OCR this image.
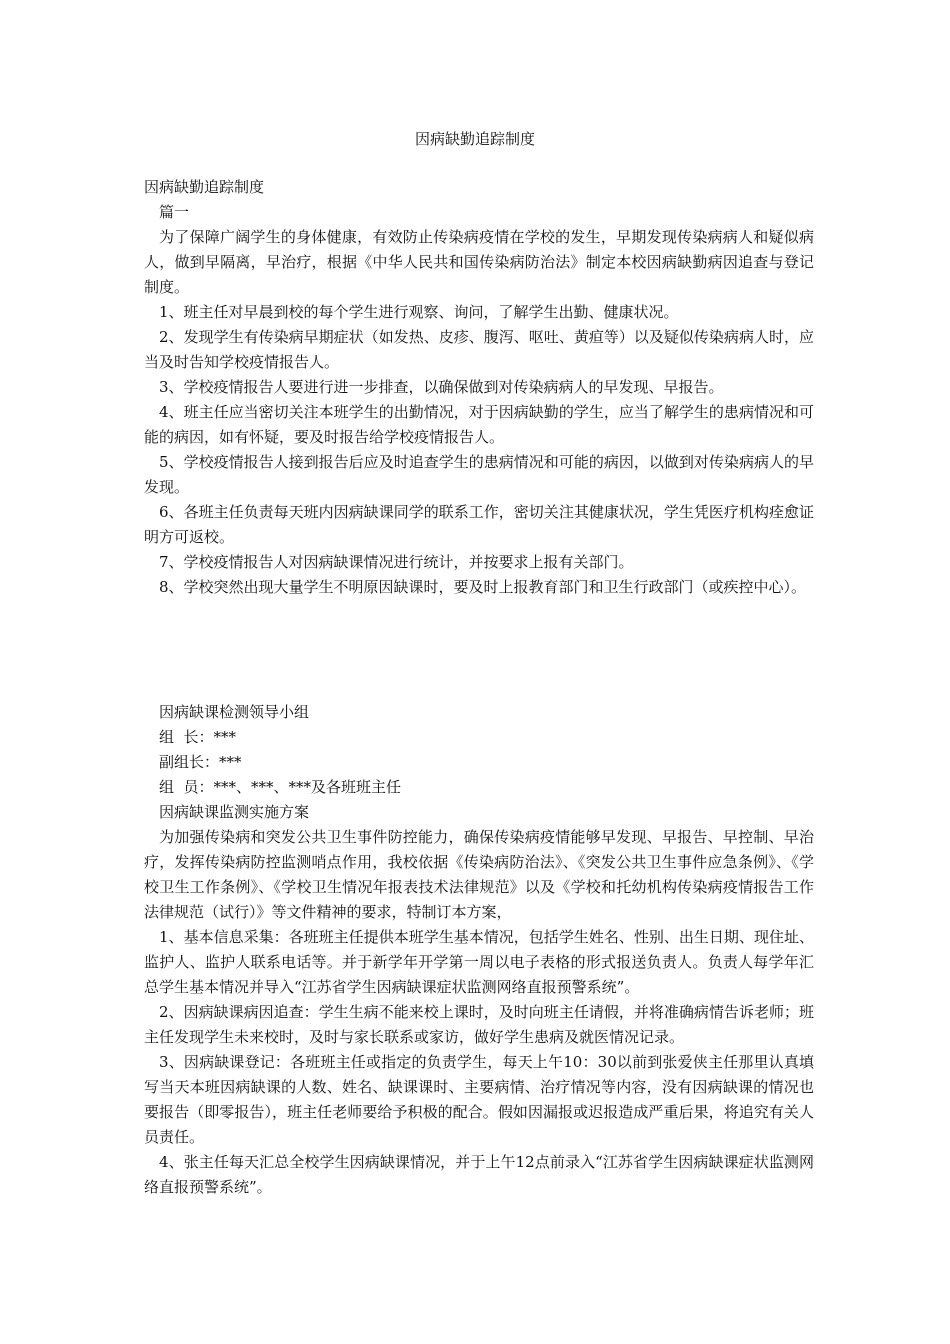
因病缺勤追踪制度

因病缺勤追踪制度

篇一

为了保障广阔学生的身体健康，有效防止传染病疫情在学校的发生，早期发现传染病病人和疑似病人，做到早隔离，早治疗，根据《中华人民共和国传染病防治法》制定本校因病缺勤病因追查与登记制度。

1、班主任对早晨到校的每个学生进行观察、询问，了解学生出勤、健康状况。

2、发现学生有传染病早期症状（如发热、皮疹、腹泻、呕吐、黄疸等）以及疑似传染病病人时，应当及时告知学校疫情报告人。

3、学校疫情报告人要进行进一步排查，以确保做到对传染病病人的早发现、早报告。

4、班主任应当密切关注本班学生的出勤情况，对于因病缺勤的学生，应当了解学生的患病情况和可能的病因，如有怀疑，要及时报告给学校疫情报告人。

5、学校疫情报告人接到报告后应及时追查学生的患病情况和可能的病因，以做到对传染病病人的早发现。

6、各班主任负责每天班内因病缺课同学的联系工作，密切关注其健康状况，学生凭医疗机构痊愈证明方可返校。

7、学校疫情报告人对因病缺课情况进行统计，并按要求上报有关部门。

8、学校突然出现大量学生不明原因缺课时，要及时上报教育部门和卫生行政部门（或疾控中心）。

因病缺课检测领导小组

组  长：***

副组长：***

组  员：***、***、***及各班班主任

因病缺课监测实施方案

为加强传染病和突发公共卫生事件防控能力，确保传染病疫情能够早发现、早报告、早控制、早治疗，发挥传染病防控监测哨点作用，我校依据《传染病防治法》、《突发公共卫生事件应急条例》、《学校卫生工作条例》、《学校卫生情况年报表技术法律规范》以及《学校和托幼机构传染病疫情报告工作法律规范（试行）》等文件精神的要求，特制订本方案，

1、基本信息采集：各班班主任提供本班学生基本情况，包括学生姓名、性别、出生日期、现住址、监护人、监护人联系电话等。并于新学年开学第一周以电子表格的形式报送负责人。负责人每学年汇总学生基本情况并导入“江苏省学生因病缺课症状监测网络直报预警系统”。

2、因病缺课病因追查：学生生病不能来校上课时，及时向班主任请假，并将准确病情告诉老师；班主任发现学生未来校时，及时与家长联系或家访，做好学生患病及就医情况记录。

3、因病缺课登记：各班班主任或指定的负责学生，每天上午10：30以前到张爱侠主任那里认真填写当天本班因病缺课的人数、姓名、缺课课时、主要病情、治疗情况等内容，没有因病缺课的情况也要报告（即零报告），班主任老师要给予积极的配合。假如因漏报或迟报造成严重后果，将追究有关人员责任。

4、张主任每天汇总全校学生因病缺课情况，并于上午12点前录入“江苏省学生因病缺课症状监测网络直报预警系统”。
